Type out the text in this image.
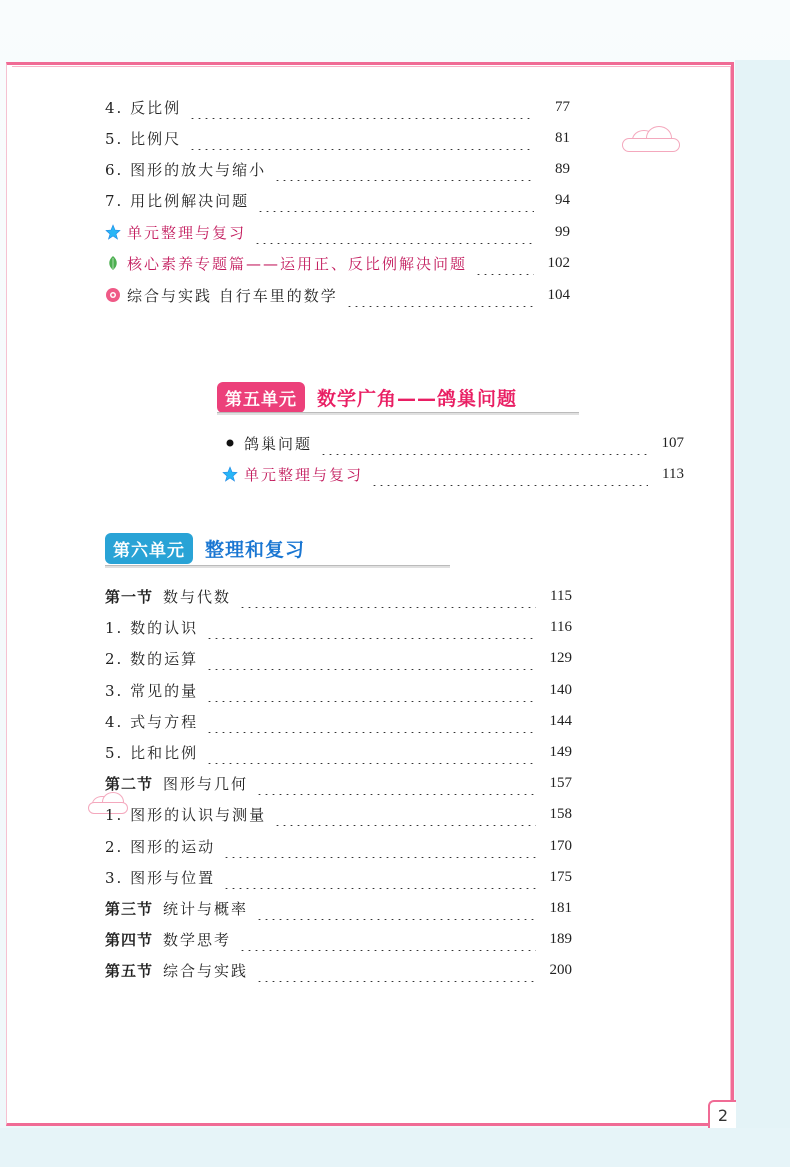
4. 反比例	77
5. 比例尺	81
6. 图形的放大与缩小	89
7. 用比例解决问题	94
单元整理与复习	99
核心素养专题篇——运用正、反比例解决问题	102
综合与实践 自行车里的数学	104
第五单元	数学广角——鸽巢问题
鸽巢问题	107
单元整理与复习	113
第六单元	整理和复习
第一节 数与代数	115
1. 数的认识	116
2. 数的运算	129
3. 常见的量	140
4. 式与方程	144
5. 比和比例	149
第二节 图形与几何	157
1. 图形的认识与测量	158
2. 图形的运动	170
3. 图形与位置	175
第三节 统计与概率	181
第四节 数学思考	189
第五节 综合与实践	200
2
